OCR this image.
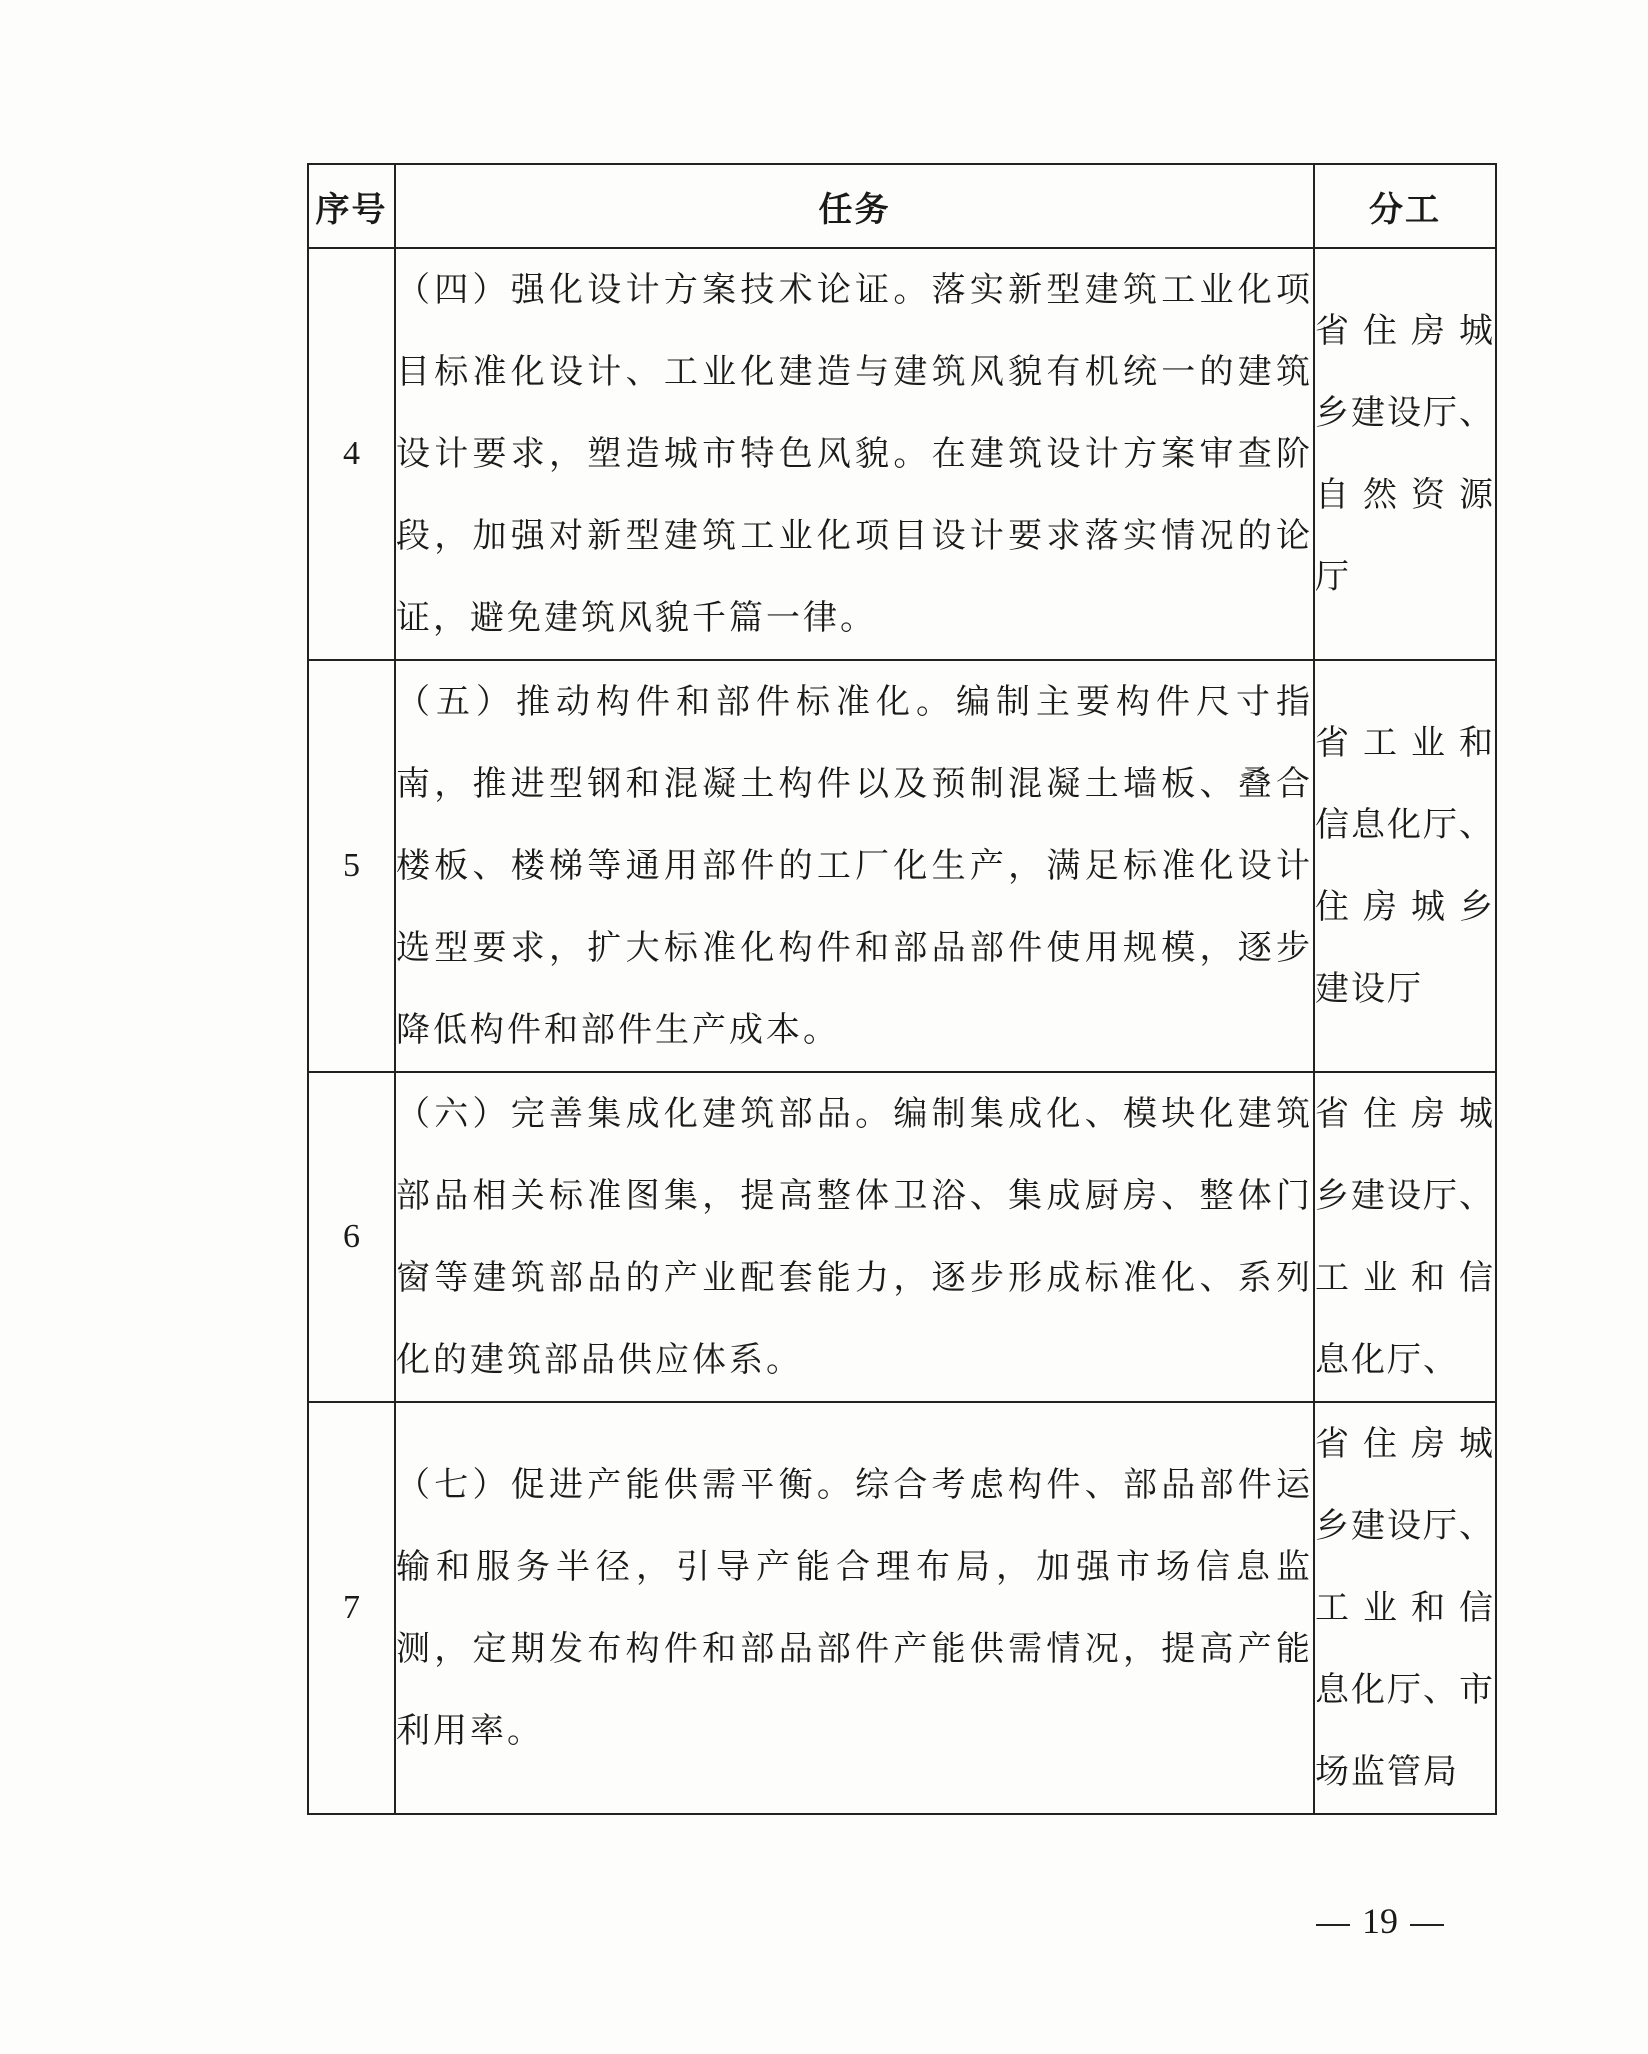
序号	任务	分工
4	（四）强化设计方案技术论证。落实新型建筑工业化项目标准化设计、工业化建造与建筑风貌有机统一的建筑设计要求，塑造城市特色风貌。在建筑设计方案审查阶段，加强对新型建筑工业化项目设计要求落实情况的论证，避免建筑风貌千篇一律。	省住房城
乡建设厅、
自然资源
厅

5	（五）推动构件和部件标准化。编制主要构件尺寸指南，推进型钢和混凝土构件以及预制混凝土墙板、叠合楼板、楼梯等通用部件的工厂化生产，满足标准化设计选型要求，扩大标准化构件和部品部件使用规模，逐步降低构件和部件生产成本。	省工业和
信息化厅、
住房城乡
建设厅

6	（六）完善集成化建筑部品。编制集成化、模块化建筑部品相关标准图集，提高整体卫浴、集成厨房、整体门窗等建筑部品的产业配套能力，逐步形成标准化、系列化的建筑部品供应体系。	省住房城
乡建设厅、
工业和信
息化厅、

7	（七）促进产能供需平衡。综合考虑构件、部品部件运输和服务半径，引导产能合理布局，加强市场信息监测，定期发布构件和部品部件产能供需情况，提高产能利用率。	省住房城
乡建设厅、
工业和信
息化厅、市
场监管局
19
